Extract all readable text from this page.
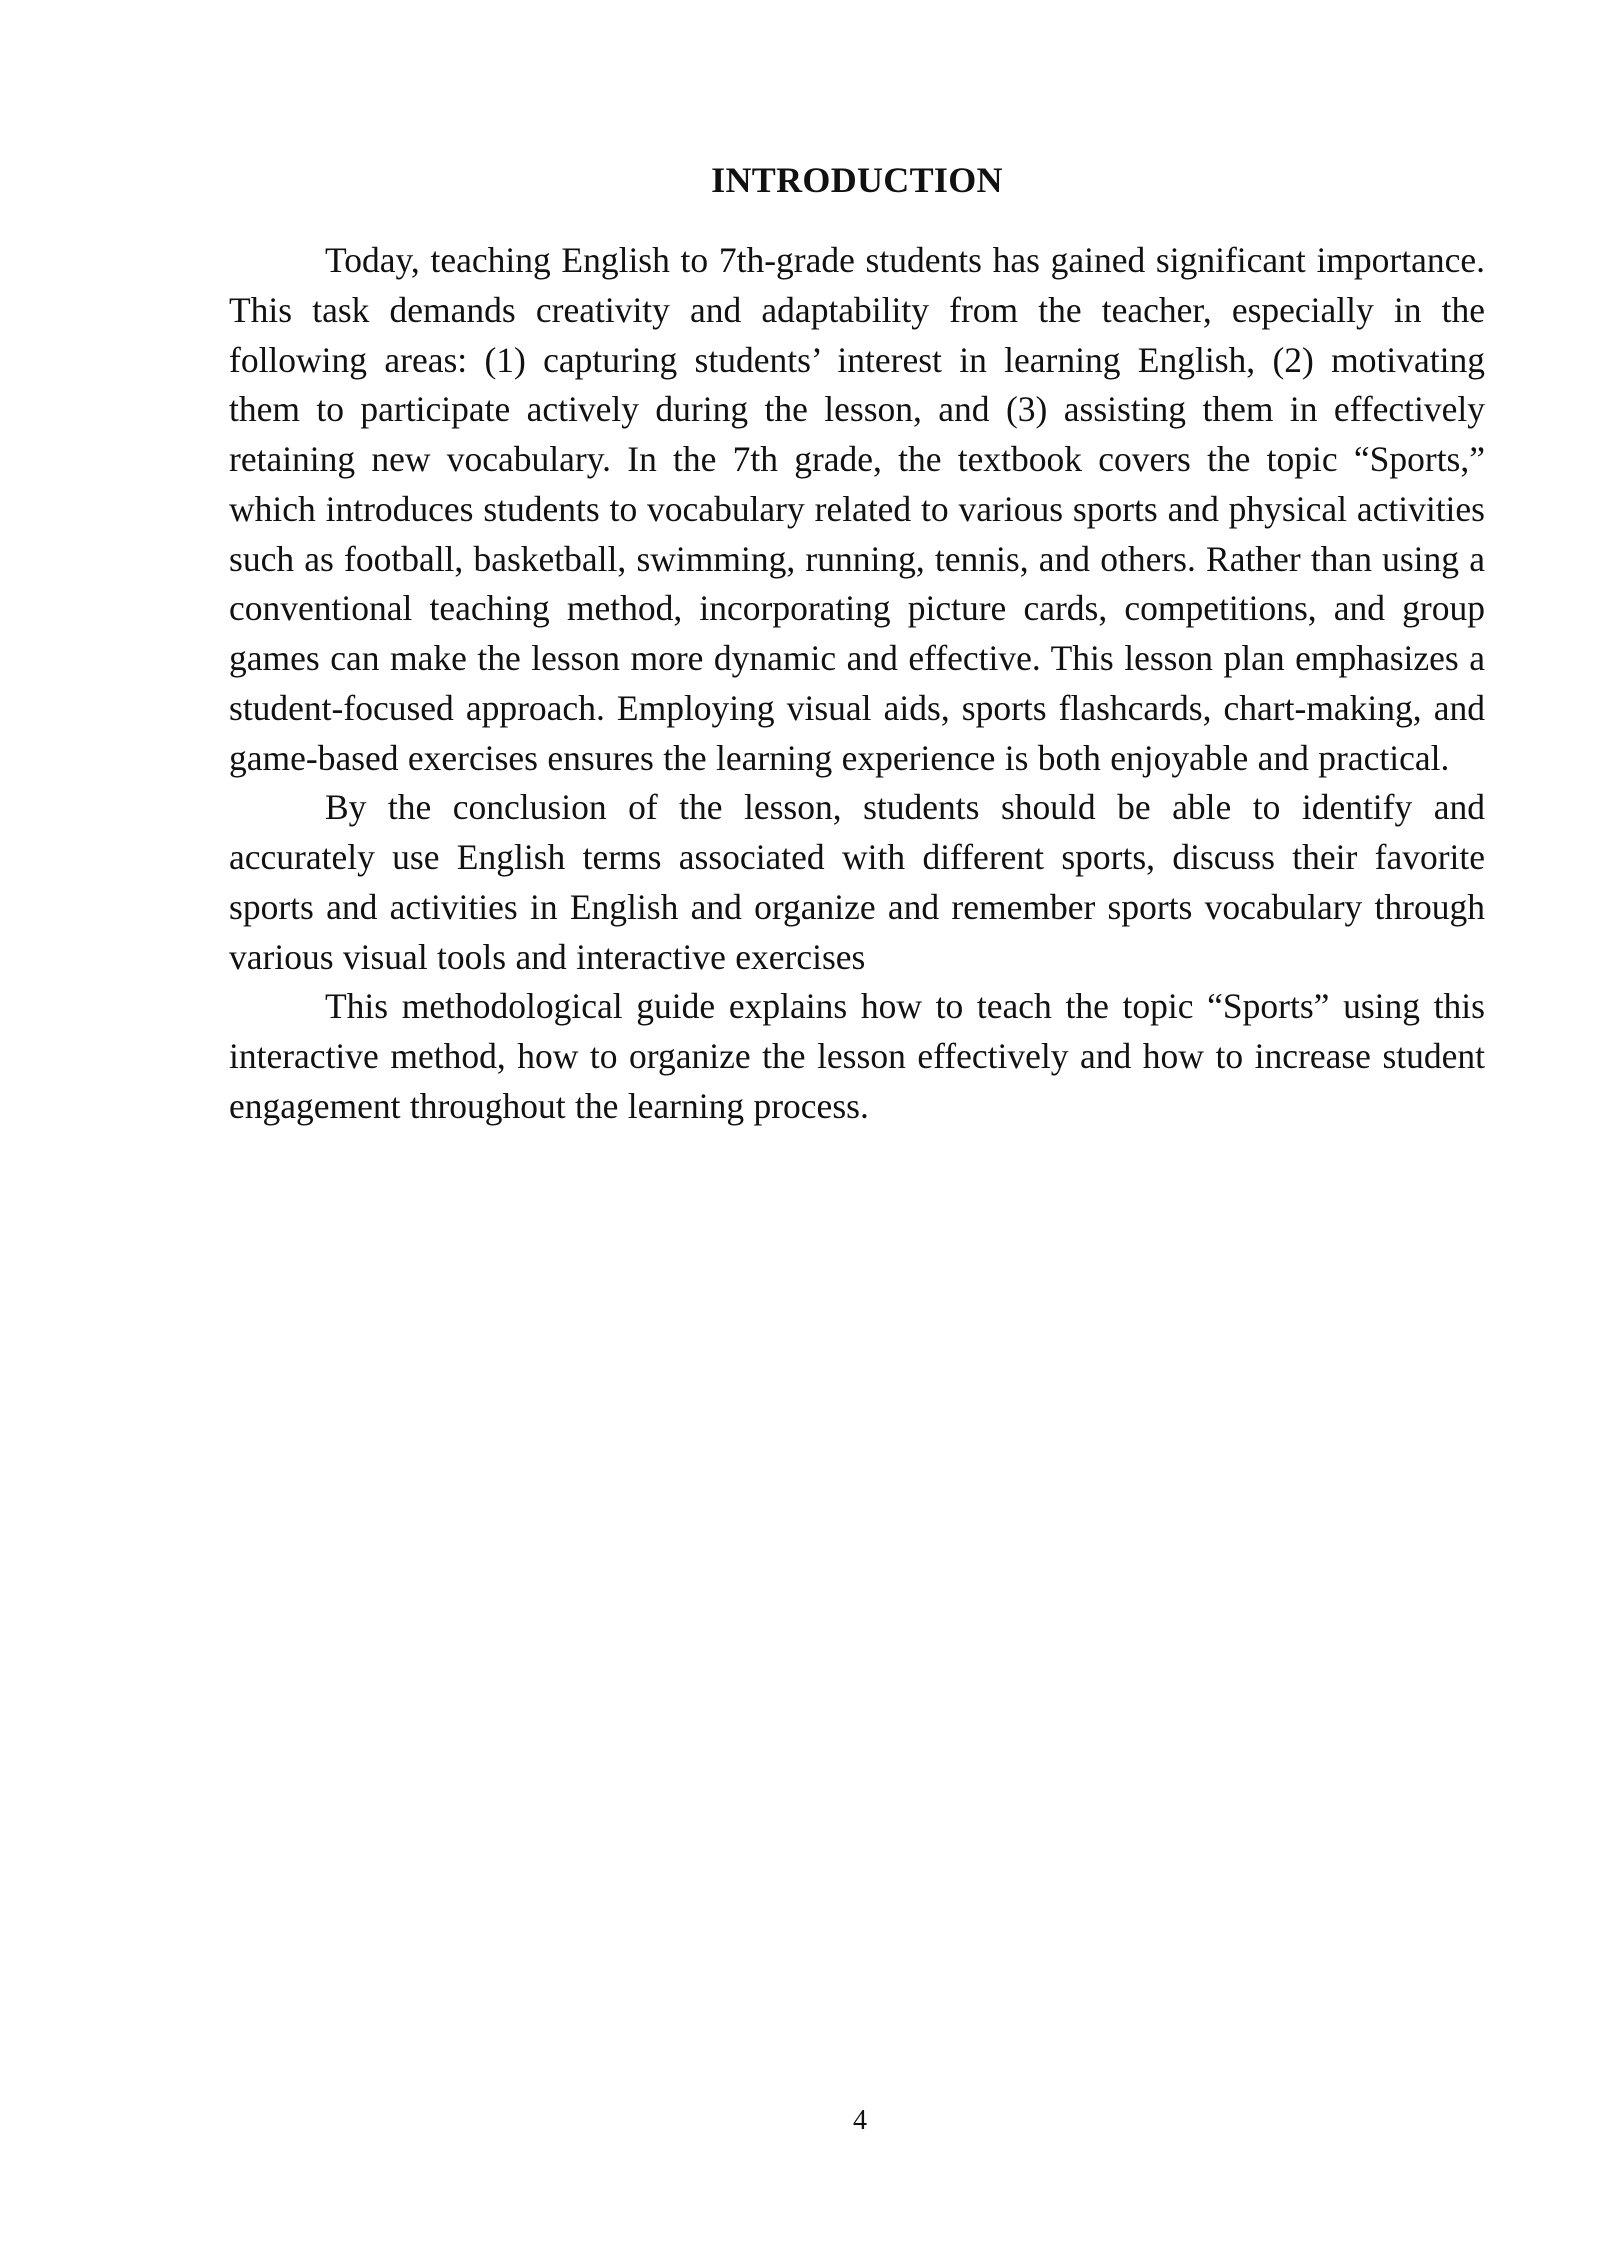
INTRODUCTION

Today, teaching English to 7th-grade students has gained significant importance. This task demands creativity and adaptability from the teacher, especially in the following areas: (1) capturing students’ interest in learning English, (2) motivating them to participate actively during the lesson, and (3) assisting them in effectively retaining new vocabulary. In the 7th grade, the textbook covers the topic “Sports,” which introduces students to vocabulary related to various sports and physical activities such as football, basketball, swimming, running, tennis, and others. Rather than using a conventional teaching method, incorporating picture cards, competitions, and group games can make the lesson more dynamic and effective. This lesson plan emphasizes a student-focused approach. Employing visual aids, sports flashcards, chart-making, and game-based exercises ensures the learning experience is both enjoyable and practical.

By the conclusion of the lesson, students should be able to identify and accurately use English terms associated with different sports, discuss their favorite sports and activities in English and organize and remember sports vocabulary through various visual tools and interactive exercises

This methodological guide explains how to teach the topic “Sports” using this interactive method, how to organize the lesson effectively and how to increase student engagement throughout the learning process.

4
